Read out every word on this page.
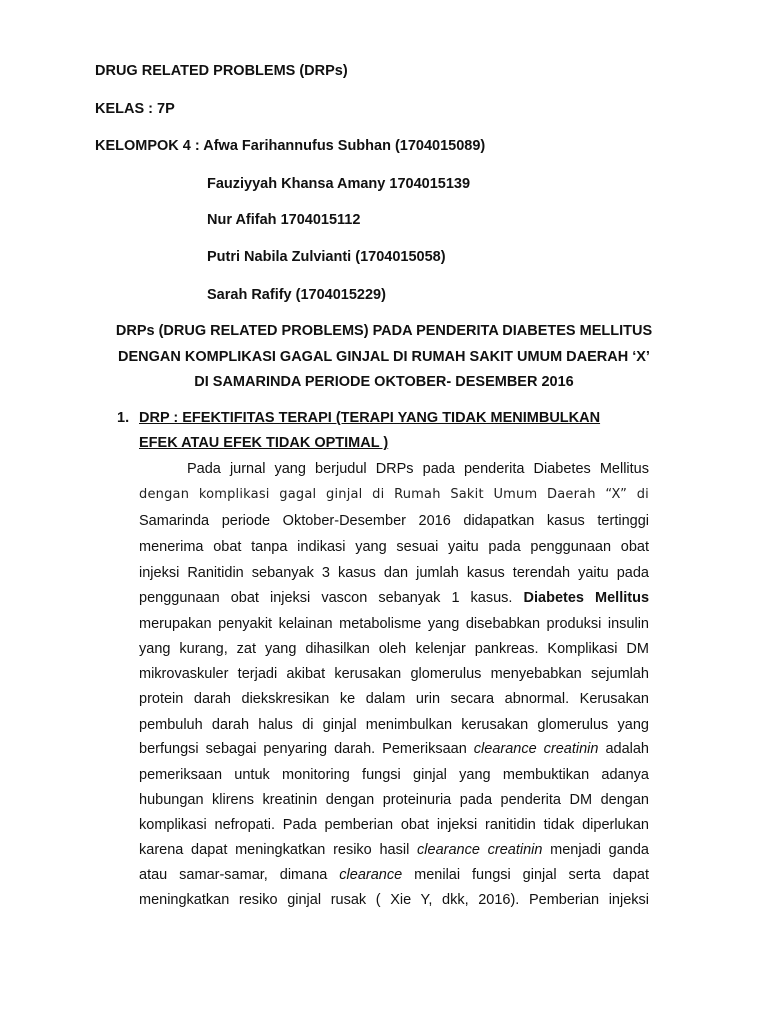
DRUG RELATED PROBLEMS (DRPs)
KELAS : 7P
KELOMPOK 4 : Afwa Farihannufus Subhan (1704015089)
Fauziyyah Khansa Amany 1704015139
Nur Afifah 1704015112
Putri Nabila Zulvianti (1704015058)
Sarah Rafify (1704015229)
DRPs (DRUG RELATED PROBLEMS) PADA PENDERITA DIABETES MELLITUS
DENGAN KOMPLIKASI GAGAL GINJAL DI RUMAH SAKIT UMUM DAERAH ‘X’
DI SAMARINDA PERIODE OKTOBER- DESEMBER 2016
1. DRP : EFEKTIFITAS TERAPI (TERAPI YANG TIDAK MENIMBULKAN
EFEK ATAU EFEK TIDAK OPTIMAL )
Pada jurnal yang berjudul DRPs pada penderita Diabetes Mellitus
dengan komplikasi gagal ginjal di Rumah Sakit Umum Daerah “X” di
Samarinda periode Oktober-Desember 2016 didapatkan kasus tertinggi
menerima obat tanpa indikasi yang sesuai yaitu pada penggunaan obat
injeksi Ranitidin sebanyak 3 kasus dan jumlah kasus terendah yaitu pada
penggunaan obat injeksi vascon sebanyak 1 kasus. Diabetes Mellitus
merupakan penyakit kelainan metabolisme yang disebabkan produksi insulin
yang kurang, zat yang dihasilkan oleh kelenjar pankreas. Komplikasi DM
mikrovaskuler terjadi akibat kerusakan glomerulus menyebabkan sejumlah
protein darah diekskresikan ke dalam urin secara abnormal. Kerusakan
pembuluh darah halus di ginjal menimbulkan kerusakan glomerulus yang
berfungsi sebagai penyaring darah. Pemeriksaan clearance creatinin adalah
pemeriksaan untuk monitoring fungsi ginjal yang membuktikan adanya
hubungan klirens kreatinin dengan proteinuria pada penderita DM dengan
komplikasi nefropati. Pada pemberian obat injeksi ranitidin tidak diperlukan
karena dapat meningkatkan resiko hasil clearance creatinin menjadi ganda
atau samar-samar, dimana clearance menilai fungsi ginjal serta dapat
meningkatkan resiko ginjal rusak ( Xie Y, dkk, 2016). Pemberian injeksi
